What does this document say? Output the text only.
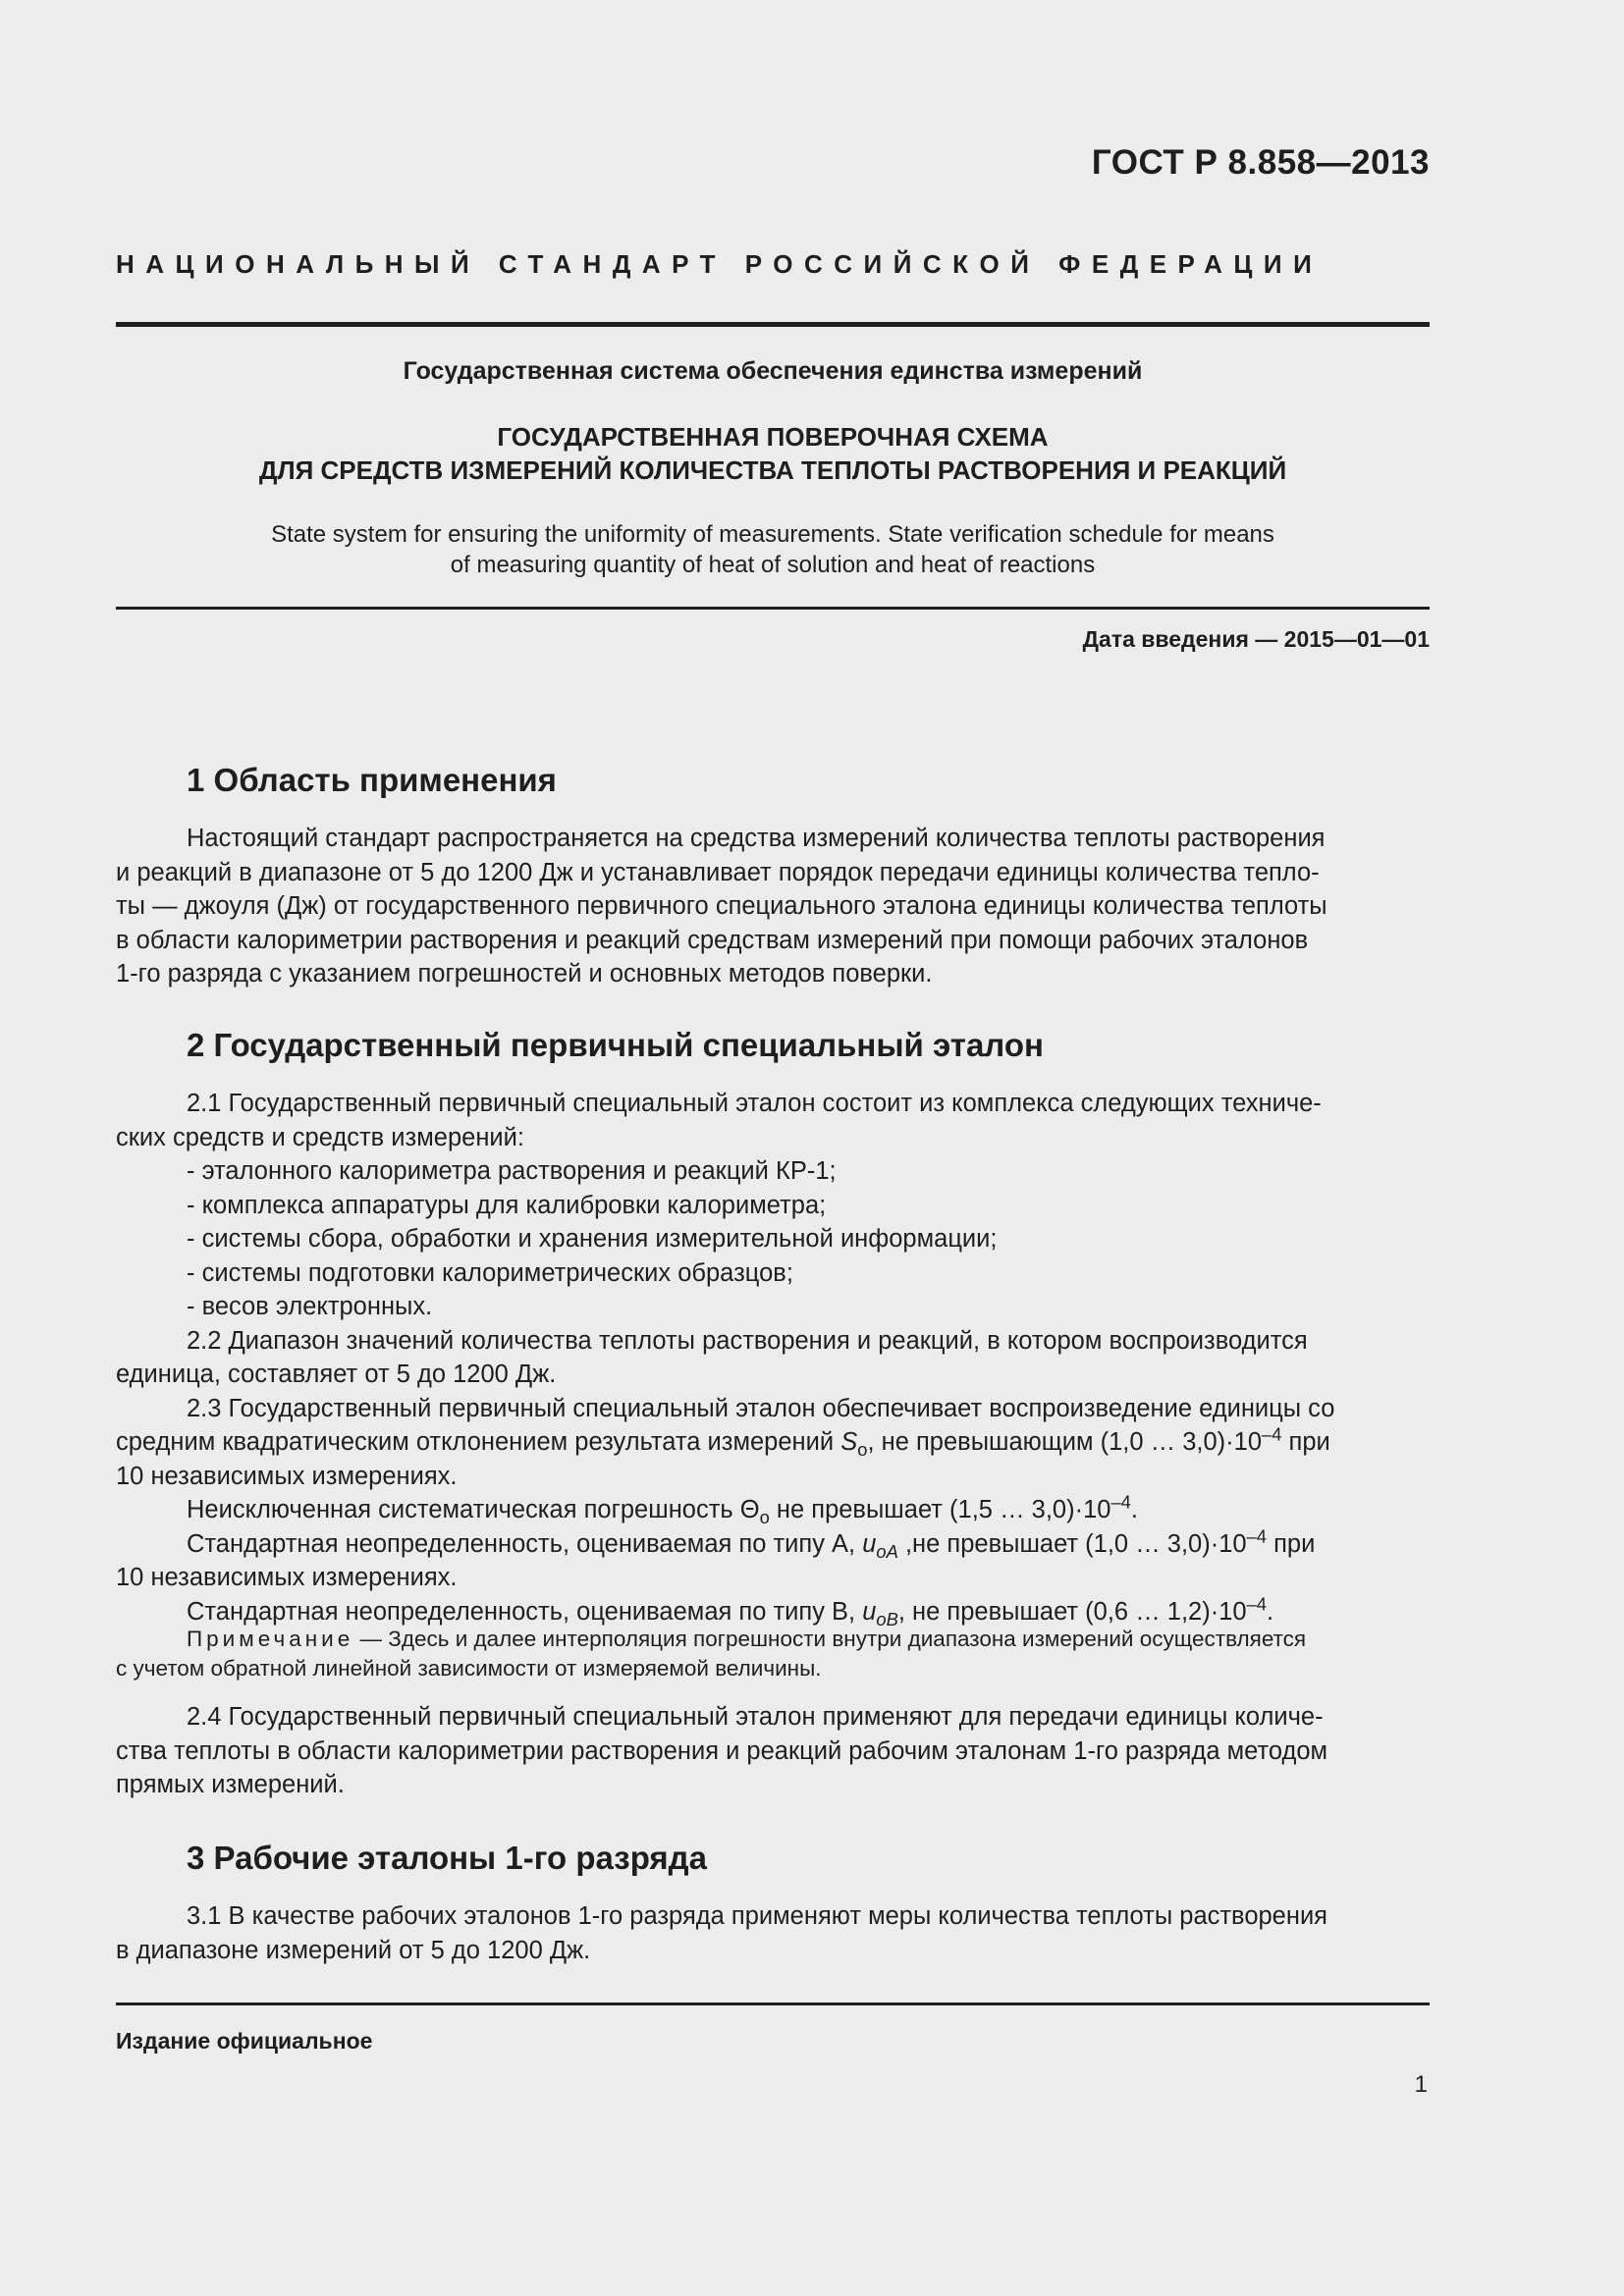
ГОСТ Р 8.858—2013
НАЦИОНАЛЬНЫЙ СТАНДАРТ РОССИЙСКОЙ ФЕДЕРАЦИИ
Государственная система обеспечения единства измерений
ГОСУДАРСТВЕННАЯ ПОВЕРОЧНАЯ СХЕМА
ДЛЯ СРЕДСТВ ИЗМЕРЕНИЙ КОЛИЧЕСТВА ТЕПЛОТЫ РАСТВОРЕНИЯ И РЕАКЦИЙ
State system for ensuring the uniformity of measurements. State verification schedule for means
of measuring quantity of heat of solution and heat of reactions
Дата введения — 2015—01—01
1 Область применения
Настоящий стандарт распространяется на средства измерений количества теплоты растворения
и реакций в диапазоне от 5 до 1200 Дж и устанавливает порядок передачи единицы количества тепло-
ты — джоуля (Дж) от государственного первичного специального эталона единицы количества теплоты
в области калориметрии растворения и реакций средствам измерений при помощи рабочих эталонов
1-го разряда с указанием погрешностей и основных методов поверки.
2 Государственный первичный специальный эталон
2.1 Государственный первичный специальный эталон состоит из комплекса следующих техниче-
ских средств и средств измерений:
- эталонного калориметра растворения и реакций КР-1;
- комплекса аппаратуры для калибровки калориметра;
- системы сбора, обработки и хранения измерительной информации;
- системы подготовки калориметрических образцов;
- весов электронных.
2.2 Диапазон значений количества теплоты растворения и реакций, в котором воспроизводится
единица, составляет от 5 до 1200 Дж.
2.3 Государственный первичный специальный эталон обеспечивает воспроизведение единицы со
средним квадратическим отклонением результата измерений $S_o$, не превышающим (1,0 … $3,0)\cdot 10^{-4}$ при
10 независимых измерениях.
Неисключенная систематическая погрешность $\Theta_o$ не превышает (1,5 … $3,0)\cdot 10^{-4}$.
Стандартная неопределенность, оцениваемая по типу А, $u_{oA}$ ,не превышает (1,0 … $3,0)\cdot 10^{-4}$ при
10 независимых измерениях.
Стандартная неопределенность, оцениваемая по типу В, $u_{oB}$, не превышает (0,6 … $1,2)\cdot 10^{-4}$.
Примечание — Здесь и далее интерполяция погрешности внутри диапазона измерений осуществляется
с учетом обратной линейной зависимости от измеряемой величины.
2.4 Государственный первичный специальный эталон применяют для передачи единицы количе-
ства теплоты в области калориметрии растворения и реакций рабочим эталонам 1-го разряда методом
прямых измерений.
3 Рабочие эталоны 1-го разряда
3.1 В качестве рабочих эталонов 1-го разряда применяют меры количества теплоты растворения
в диапазоне измерений от 5 до 1200 Дж.
Издание официальное
1
